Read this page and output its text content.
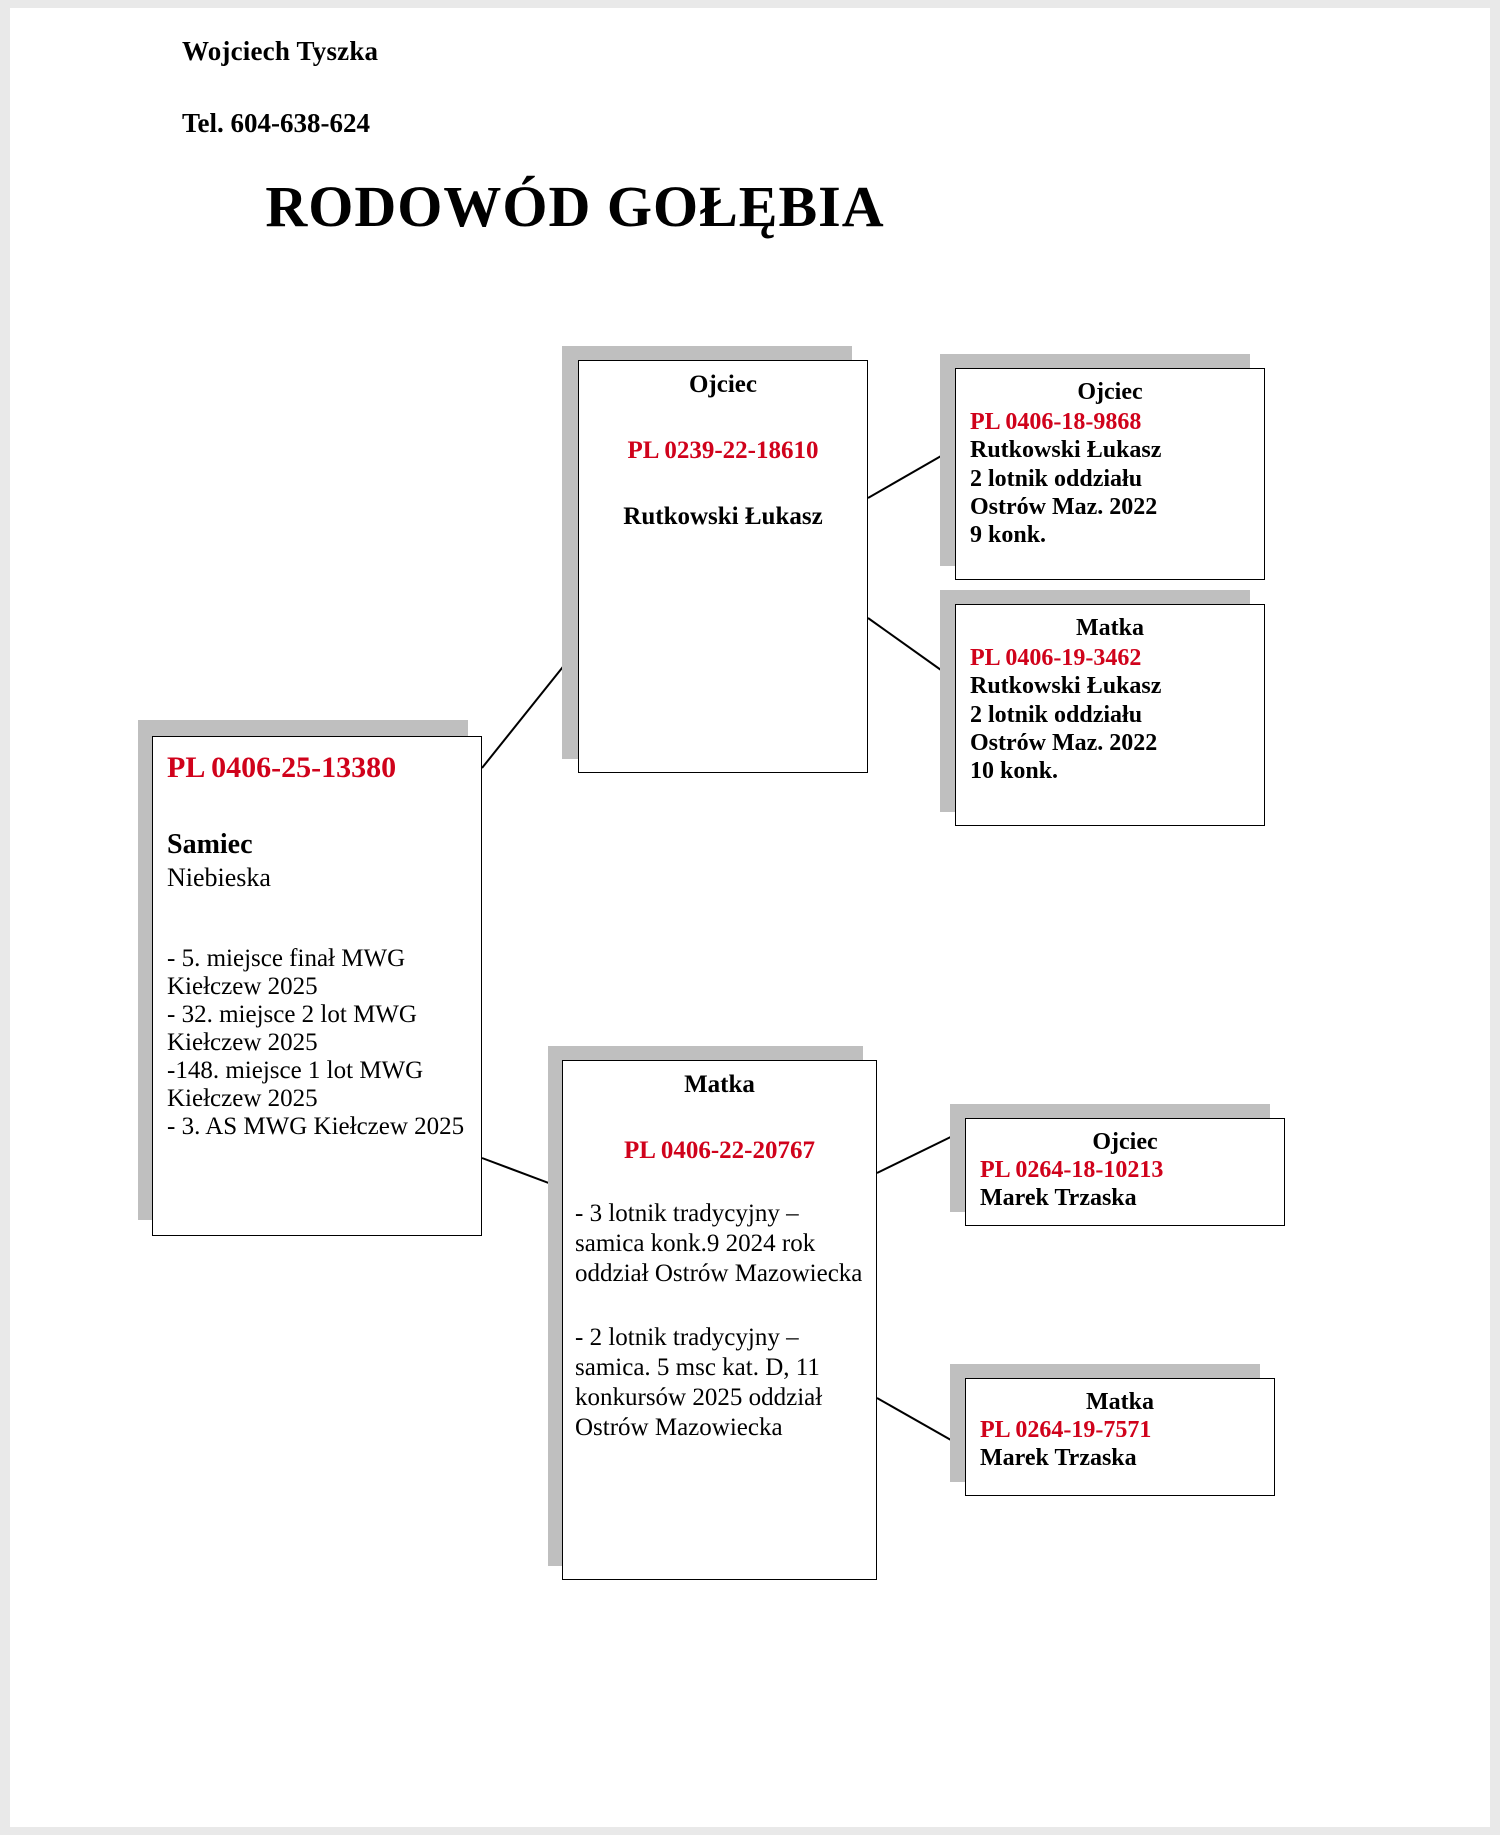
Wojciech Tyszka
Tel. 604-638-624
RODOWÓD GOŁĘBIA
Ojciec
PL 0239-22-18610
Rutkowski Łukasz
Ojciec
PL 0406-18-9868
Rutkowski Łukasz
2 lotnik oddziału
Ostrów Maz. 2022
9 konk.
Matka
PL 0406-19-3462
Rutkowski Łukasz
2 lotnik oddziału
Ostrów Maz. 2022
10 konk.
PL 0406-25-13380
Samiec
Niebieska
- 5. miejsce finał MWG Kiełczew 2025
- 32. miejsce 2 lot MWG Kiełczew 2025
-148. miejsce 1 lot MWG Kiełczew 2025
- 3. AS MWG Kiełczew 2025
Matka
PL 0406-22-20767
- 3 lotnik tradycyjny – samica konk.9 2024 rok oddział Ostrów Mazowiecka
- 2 lotnik tradycyjny – samica. 5 msc kat. D, 11 konkursów 2025 oddział Ostrów Mazowiecka
Ojciec
PL 0264-18-10213
Marek Trzaska
Matka
PL 0264-19-7571
Marek Trzaska
